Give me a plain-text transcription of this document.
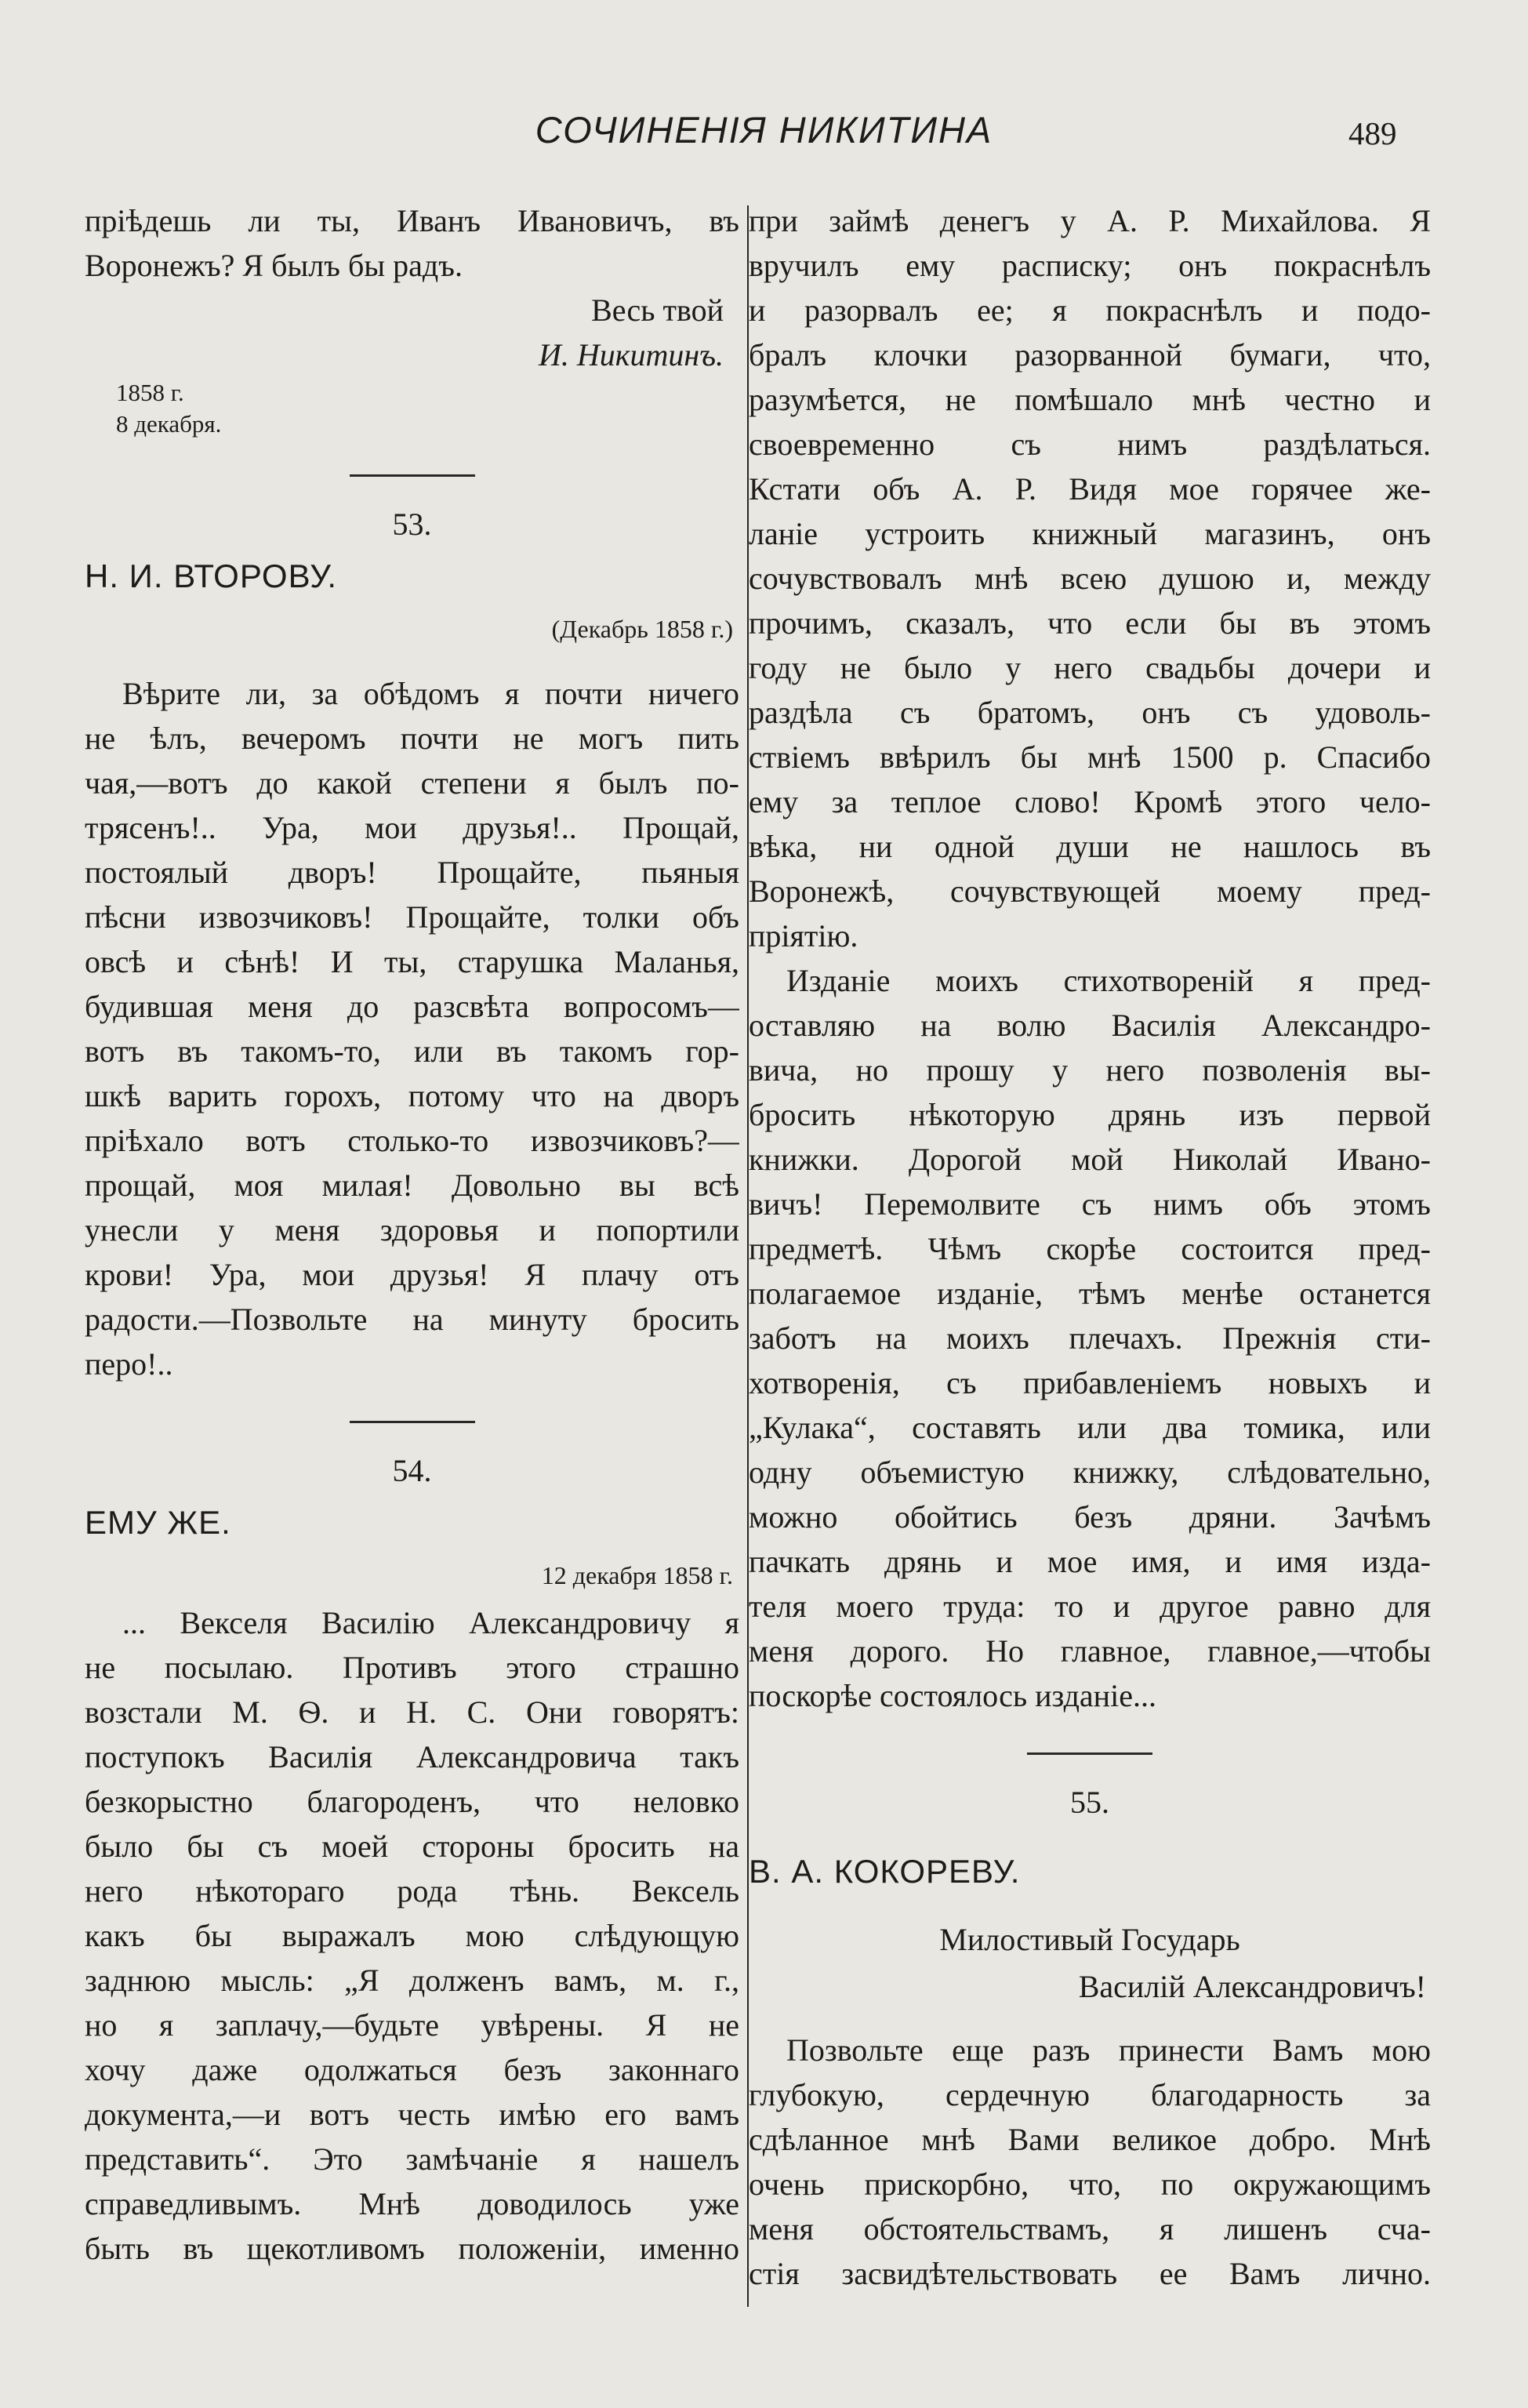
СОЧИНЕНІЯ НИКИТИНА	489
пріѣдешь ли ты, Иванъ Ивановичъ, въ
Воронежъ? Я былъ бы радъ.
Весь твой
И. Никитинъ.
1858 г.
8 декабря.
53.
Н. И. ВТОРОВУ.
(Декабрь 1858 г.)
Вѣрите ли, за обѣдомъ я почти ничего
не ѣлъ, вечеромъ почти не могъ пить
чая,—вотъ до какой степени я былъ по-
трясенъ!.. Ура, мои друзья!.. Прощай,
постоялый дворъ! Прощайте, пьяныя
пѣсни извозчиковъ! Прощайте, толки объ
овсѣ и сѣнѣ! И ты, старушка Маланья,
будившая меня до разсвѣта вопросомъ—
вотъ въ такомъ-то, или въ такомъ гор-
шкѣ варить горохъ, потому что на дворъ
пріѣхало вотъ столько-то извозчиковъ?—
прощай, моя милая! Довольно вы всѣ
унесли у меня здоровья и попортили
крови! Ура, мои друзья! Я плачу отъ
радости.—Позвольте на минуту бросить
перо!..
54.
ЕМУ ЖЕ.
12 декабря 1858 г.
... Векселя Василію Александровичу я
не посылаю. Противъ этого страшно
возстали М. Ѳ. и Н. С. Они говорятъ:
поступокъ Василія Александровича такъ
безкорыстно благороденъ, что неловко
было бы съ моей стороны бросить на
него нѣкотораго рода тѣнь. Вексель
какъ бы выражалъ мою слѣдующую
заднюю мысль: „Я долженъ вамъ, м. г.,
но я заплачу,—будьте увѣрены. Я не
хочу даже одолжаться безъ законнаго
документа,—и вотъ честь имѣю его вамъ
представить“. Это замѣчаніе я нашелъ
справедливымъ. Мнѣ доводилось уже
быть въ щекотливомъ положеніи, именно
при займѣ денегъ у А. Р. Михайлова. Я
вручилъ ему расписку; онъ покраснѣлъ
и разорвалъ ее; я покраснѣлъ и подо-
бралъ клочки разорванной бумаги, что,
разумѣется, не помѣшало мнѣ честно и
своевременно съ нимъ раздѣлаться.
Кстати объ А. Р. Видя мое горячее же-
ланіе устроить книжный магазинъ, онъ
сочувствовалъ мнѣ всею душою и, между
прочимъ, сказалъ, что если бы въ этомъ
году не было у него свадьбы дочери и
раздѣла съ братомъ, онъ съ удоволь-
ствіемъ ввѣрилъ бы мнѣ 1500 р. Спасибо
ему за теплое слово! Кромѣ этого чело-
вѣка, ни одной души не нашлось въ
Воронежѣ, сочувствующей моему пред-
пріятію.
Изданіе моихъ стихотвореній я пред-
оставляю на волю Василія Александро-
вича, но прошу у него позволенія вы-
бросить нѣкоторую дрянь изъ первой
книжки. Дорогой мой Николай Ивано-
вичъ! Перемолвите съ нимъ объ этомъ
предметѣ. Чѣмъ скорѣе состоится пред-
полагаемое изданіе, тѣмъ менѣе останется
заботъ на моихъ плечахъ. Прежнія сти-
хотворенія, съ прибавленіемъ новыхъ и
„Кулака“, составять или два томика, или
одну объемистую книжку, слѣдовательно,
можно обойтись безъ дряни. Зачѣмъ
пачкать дрянь и мое имя, и имя изда-
теля моего труда: то и другое равно для
меня дорого. Но главное, главное,—чтобы
поскорѣе состоялось изданіе...
55.
В. А. КОКОРЕВУ.
Милостивый Государь
Василій Александровичъ!
Позвольте еще разъ принести Вамъ мою
глубокую, сердечную благодарность за
сдѣланное мнѣ Вами великое добро. Мнѣ
очень прискорбно, что, по окружающимъ
меня обстоятельствамъ, я лишенъ сча-
стія засвидѣтельствовать ее Вамъ лично.
